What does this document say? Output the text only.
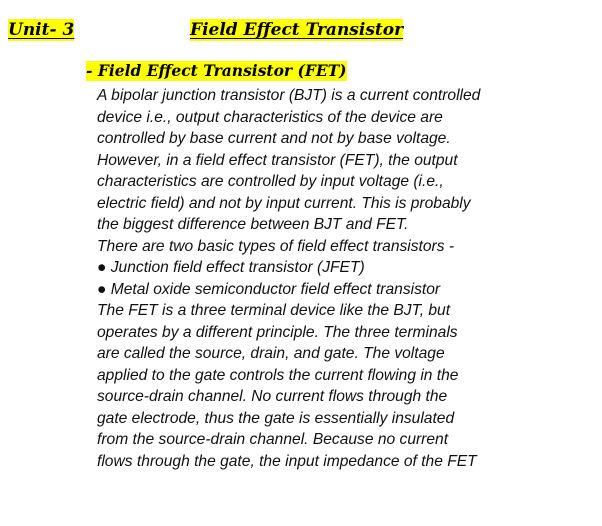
Unit- 3	Field Effect Transistor
- Field Effect Transistor (FET)
A bipolar junction transistor (BJT) is a current controlled
device i.e., output characteristics of the device are
controlled by base current and not by base voltage.
However, in a field effect transistor (FET), the output
characteristics are controlled by input voltage (i.e.,
electric field) and not by input current. This is probably
the biggest difference between BJT and FET.
There are two basic types of field effect transistors -
● Junction field effect transistor (JFET)
● Metal oxide semiconductor field effect transistor
The FET is a three terminal device like the BJT, but
operates by a different principle. The three terminals
are called the source, drain, and gate. The voltage
applied to the gate controls the current flowing in the
source-drain channel. No current flows through the
gate electrode, thus the gate is essentially insulated
from the source-drain channel. Because no current
flows through the gate, the input impedance of the FET
